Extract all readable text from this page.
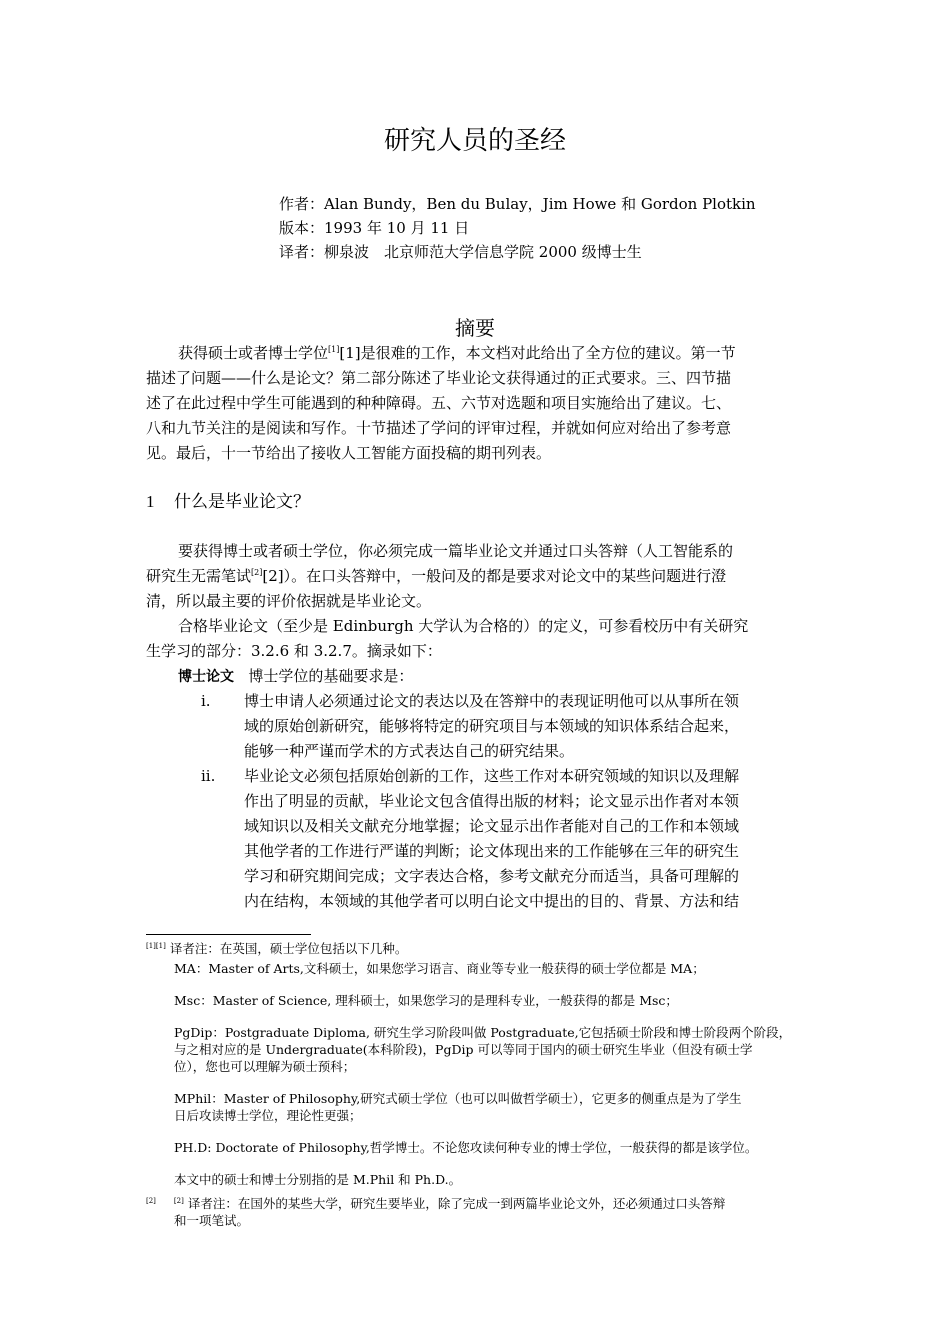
研究人员的圣经
作者：Alan Bundy，Ben du Bulay，Jim Howe 和 Gordon Plotkin
版本：1993 年 10 月 11 日
译者：柳泉波　北京师范大学信息学院 2000 级博士生
摘要
获得硕士或者博士学位[1][1]是很难的工作，本文档对此给出了全方位的建议。第一节
描述了问题——什么是论文？第二部分陈述了毕业论文获得通过的正式要求。三、四节描
述了在此过程中学生可能遇到的种种障碍。五、六节对选题和项目实施给出了建议。七、
八和九节关注的是阅读和写作。十节描述了学问的评审过程，并就如何应对给出了参考意
见。最后，十一节给出了接收人工智能方面投稿的期刊列表。
1 什么是毕业论文？
要获得博士或者硕士学位，你必须完成一篇毕业论文并通过口头答辩（人工智能系的
研究生无需笔试[2][2]）。在口头答辩中，一般问及的都是要求对论文中的某些问题进行澄
清，所以最主要的评价依据就是毕业论文。
合格毕业论文（至少是 Edinburgh 大学认为合格的）的定义，可参看校历中有关研究
生学习的部分：3.2.6 和 3.2.7。摘录如下：
博士论文 博士学位的基础要求是：
i. 博士申请人必须通过论文的表达以及在答辩中的表现证明他可以从事所在领
域的原始创新研究，能够将特定的研究项目与本领域的知识体系结合起来，
能够一种严谨而学术的方式表达自己的研究结果。
ii. 毕业论文必须包括原始创新的工作，这些工作对本研究领域的知识以及理解
作出了明显的贡献，毕业论文包含值得出版的材料；论文显示出作者对本领
域知识以及相关文献充分地掌握；论文显示出作者能对自己的工作和本领域
其他学者的工作进行严谨的判断；论文体现出来的工作能够在三年的研究生
学习和研究期间完成；文字表达合格，参考文献充分而适当，具备可理解的
内在结构，本领域的其他学者可以明白论文中提出的目的、背景、方法和结
[1][1] 译者注：在英国，硕士学位包括以下几种。
MA：Master of Arts,文科硕士，如果您学习语言、商业等专业一般获得的硕士学位都是 MA；
Msc：Master of Science, 理科硕士，如果您学习的是理科专业，一般获得的都是 Msc；
PgDip：Postgraduate Diploma, 研究生学习阶段叫做 Postgraduate,它包括硕士阶段和博士阶段两个阶段，
与之相对应的是 Undergraduate(本科阶段)，PgDip 可以等同于国内的硕士研究生毕业（但没有硕士学
位），您也可以理解为硕士预科；
MPhil：Master of Philosophy,研究式硕士学位（也可以叫做哲学硕士），它更多的侧重点是为了学生
日后攻读博士学位，理论性更强；
PH.D: Doctorate of Philosophy,哲学博士。不论您攻读何种专业的博士学位，一般获得的都是该学位。
本文中的硕士和博士分别指的是 M.Phil 和 Ph.D.。
[2]	[2] 译者注：在国外的某些大学，研究生要毕业，除了完成一到两篇毕业论文外，还必须通过口头答辩
和一项笔试。
